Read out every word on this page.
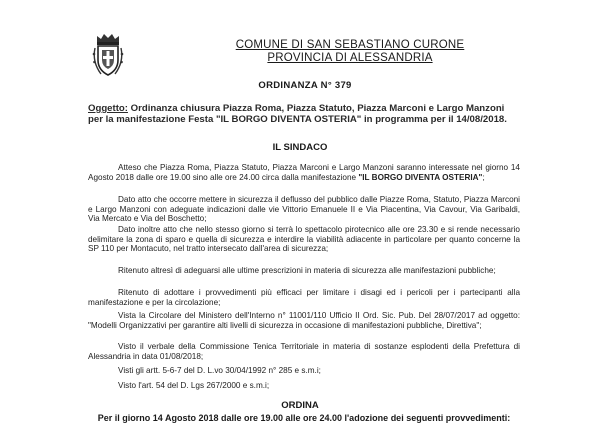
COMUNE DI SAN SEBASTIANO CURONE
PROVINCIA DI ALESSANDRIA
ORDINANZA N° 379
Oggetto: Ordinanza chiusura Piazza Roma, Piazza Statuto, Piazza Marconi e Largo Manzoni per la manifestazione Festa "IL BORGO DIVENTA OSTERIA" in programma per il 14/08/2018.
IL SINDACO
Atteso che Piazza Roma, Piazza Statuto, Piazza Marconi e Largo Manzoni saranno interessate nel giorno 14 Agosto 2018 dalle ore 19.00 sino alle ore 24.00 circa dalla manifestazione "IL BORGO DIVENTA OSTERIA";
Dato atto che occorre mettere in sicurezza il deflusso del pubblico dalle Piazze Roma, Statuto, Piazza Marconi e Largo Manzoni con adeguate indicazioni dalle vie Vittorio Emanuele II e Via Piacentina, Via Cavour, Via Garibaldi, Via Mercato e Via del Boschetto;
Dato inoltre atto che nello stesso giorno si terrà lo spettacolo pirotecnico alle ore 23.30 e si rende necessario delimitare la zona di sparo e quella di sicurezza e interdire la viabilità adiacente in particolare per quanto concerne la SP 110 per Montacuto, nel tratto intersecato dall'area di sicurezza;
Ritenuto altresì di adeguarsi alle ultime prescrizioni in materia di sicurezza alle manifestazioni pubbliche;
Ritenuto di adottare i provvedimenti più efficaci per limitare i disagi ed i pericoli per i partecipanti alla manifestazione e per la circolazione;
Vista la Circolare del Ministero dell'Interno n° 11001/110 Ufficio II Ord. Sic. Pub. Del 28/07/2017 ad oggetto: "Modelli Organizzativi per garantire alti livelli di sicurezza in occasione di manifestazioni pubbliche, Direttiva";
Visto il verbale della Commissione Tenica Territoriale in materia di sostanze esplodenti della Prefettura di Alessandria in data 01/08/2018;
Visti gli artt. 5-6-7 del D. L.vo 30/04/1992 n° 285 e s.m.i;
Visto l'art. 54 del D. Lgs 267/2000 e s.m.i;
ORDINA
Per il giorno 14 Agosto 2018 dalle ore 19.00 alle ore 24.00 l'adozione dei seguenti provvedimenti:
